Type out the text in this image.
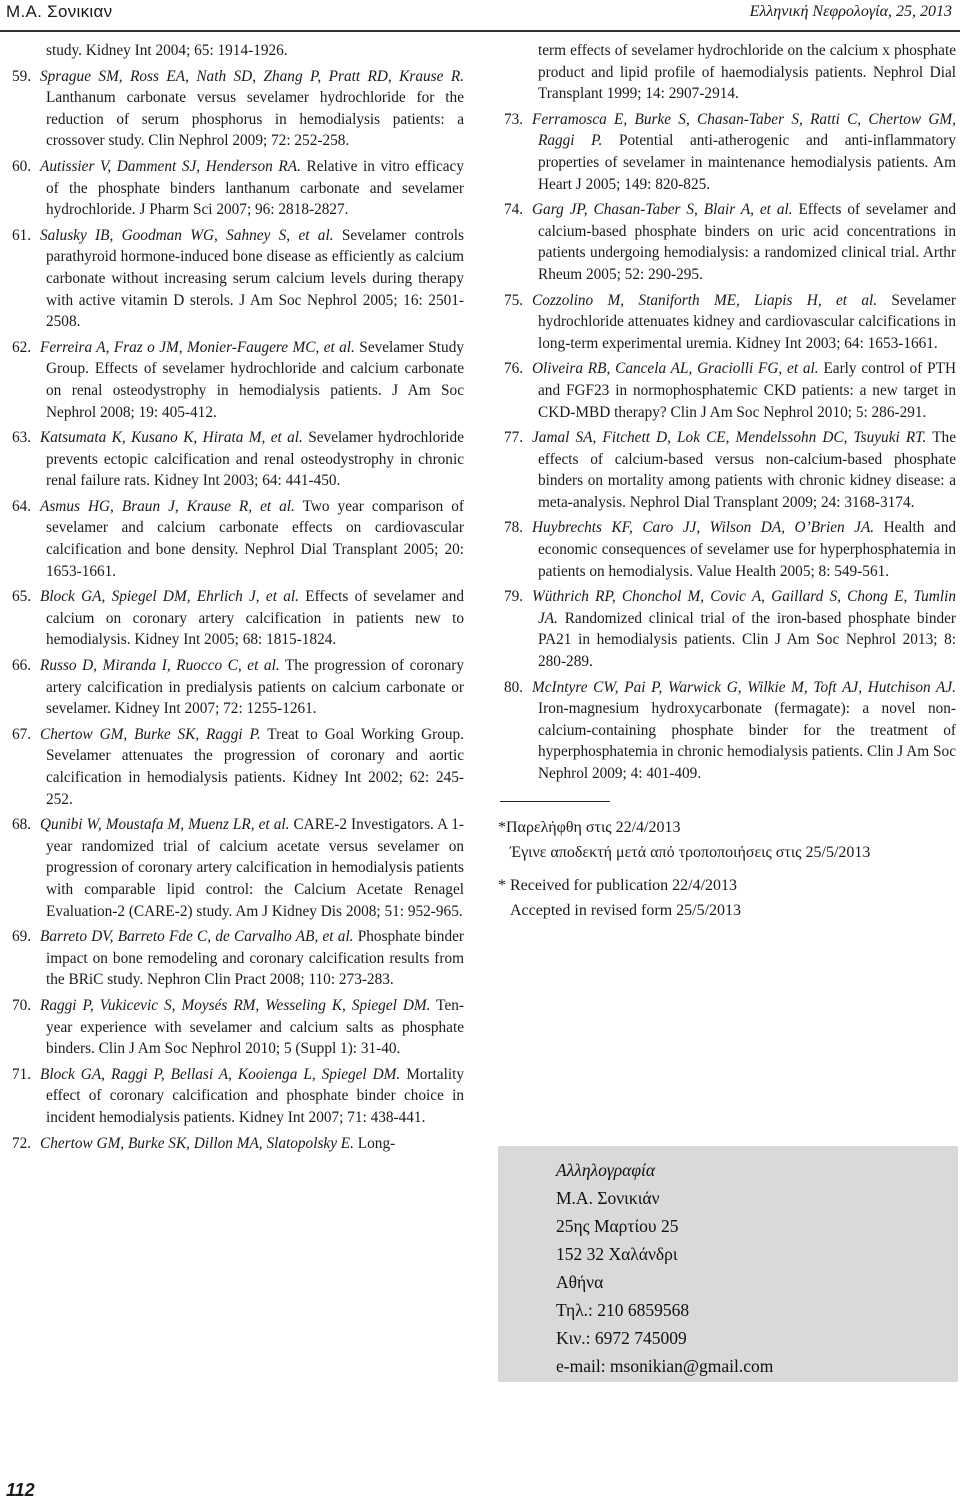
Μ.Α. Σονικιαν	Ελληνική Νεφρολογία, 25, 2013

study. Kidney Int 2004; 65: 1914-1926.

59. Sprague SM, Ross EA, Nath SD, Zhang P, Pratt RD, Krause R. Lanthanum carbonate versus sevelamer hydrochloride for the reduction of serum phosphorus in hemodialysis patients: a crossover study. Clin Nephrol 2009; 72: 252-258.

60. Autissier V, Damment SJ, Henderson RA. Relative in vitro efficacy of the phosphate binders lanthanum carbonate and sevelamer hydrochloride. J Pharm Sci 2007; 96: 2818-2827.

61. Salusky IB, Goodman WG, Sahney S, et al. Sevelamer controls parathyroid hormone-induced bone disease as efficiently as calcium carbonate without increasing serum calcium levels during therapy with active vitamin D sterols. J Am Soc Nephrol 2005; 16: 2501-2508.

62. Ferreira A, Fraz o JM, Monier-Faugere MC, et al. Sevelamer Study Group. Effects of sevelamer hydrochloride and calcium carbonate on renal osteodystrophy in hemodialysis patients. J Am Soc Nephrol 2008; 19: 405-412.

63. Katsumata K, Kusano K, Hirata M, et al. Sevelamer hydrochloride prevents ectopic calcification and renal osteodystrophy in chronic renal failure rats. Kidney Int 2003; 64: 441-450.

64. Asmus HG, Braun J, Krause R, et al. Two year comparison of sevelamer and calcium carbonate effects on cardiovascular calcification and bone density. Nephrol Dial Transplant 2005; 20: 1653-1661.

65. Block GA, Spiegel DM, Ehrlich J, et al. Effects of sevelamer and calcium on coronary artery calcification in patients new to hemodialysis. Kidney Int 2005; 68: 1815-1824.

66. Russo D, Miranda I, Ruocco C, et al. The progression of coronary artery calcification in predialysis patients on calcium carbonate or sevelamer. Kidney Int 2007; 72: 1255-1261.

67. Chertow GM, Burke SK, Raggi P. Treat to Goal Working Group. Sevelamer attenuates the progression of coronary and aortic calcification in hemodialysis patients. Kidney Int 2002; 62: 245-252.

68. Qunibi W, Moustafa M, Muenz LR, et al. CARE-2 Investigators. A 1-year randomized trial of calcium acetate versus sevelamer on progression of coronary artery calcification in hemodialysis patients with comparable lipid control: the Calcium Acetate Renagel Evaluation-2 (CARE-2) study. Am J Kidney Dis 2008; 51: 952-965.

69. Barreto DV, Barreto Fde C, de Carvalho AB, et al. Phosphate binder impact on bone remodeling and coronary calcification results from the BRiC study. Nephron Clin Pract 2008; 110: 273-283.

70. Raggi P, Vukicevic S, Moysés RM, Wesseling K, Spiegel DM. Ten-year experience with sevelamer and calcium salts as phosphate binders. Clin J Am Soc Nephrol 2010; 5 (Suppl 1): 31-40.

71. Block GA, Raggi P, Bellasi A, Kooienga L, Spiegel DM. Mortality effect of coronary calcification and phosphate binder choice in incident hemodialysis patients. Kidney Int 2007; 71: 438-441.

72. Chertow GM, Burke SK, Dillon MA, Slatopolsky E. Long-

term effects of sevelamer hydrochloride on the calcium x phosphate product and lipid profile of haemodialysis patients. Nephrol Dial Transplant 1999; 14: 2907-2914.

73. Ferramosca E, Burke S, Chasan-Taber S, Ratti C, Chertow GM, Raggi P. Potential anti-atherogenic and anti-inflammatory properties of sevelamer in maintenance hemodialysis patients. Am Heart J 2005; 149: 820-825.

74. Garg JP, Chasan-Taber S, Blair A, et al. Effects of sevelamer and calcium-based phosphate binders on uric acid concentrations in patients undergoing hemodialysis: a randomized clinical trial. Arthr Rheum 2005; 52: 290-295.

75. Cozzolino M, Staniforth ME, Liapis H, et al. Sevelamer hydrochloride attenuates kidney and cardiovascular calcifications in long-term experimental uremia. Kidney Int 2003; 64: 1653-1661.

76. Oliveira RB, Cancela AL, Graciolli FG, et al. Early control of PTH and FGF23 in normophosphatemic CKD patients: a new target in CKD-MBD therapy? Clin J Am Soc Nephrol 2010; 5: 286-291.

77. Jamal SA, Fitchett D, Lok CE, Mendelssohn DC, Tsuyuki RT. The effects of calcium-based versus non-calcium-based phosphate binders on mortality among patients with chronic kidney disease: a meta-analysis. Nephrol Dial Transplant 2009; 24: 3168-3174.

78. Huybrechts KF, Caro JJ, Wilson DA, O’Brien JA. Health and economic consequences of sevelamer use for hyperphosphatemia in patients on hemodialysis. Value Health 2005; 8: 549-561.

79. Wüthrich RP, Chonchol M, Covic A, Gaillard S, Chong E, Tumlin JA. Randomized clinical trial of the iron-based phosphate binder PA21 in hemodialysis patients. Clin J Am Soc Nephrol 2013; 8: 280-289.

80. McIntyre CW, Pai P, Warwick G, Wilkie M, Toft AJ, Hutchison AJ. Iron-magnesium hydroxycarbonate (fermagate): a novel non-calcium-containing phosphate binder for the treatment of hyperphosphatemia in chronic hemodialysis patients. Clin J Am Soc Nephrol 2009; 4: 401-409.

*Παρελήφθη στις 22/4/2013

Έγινε αποδεκτή μετά από τροποποιήσεις στις 25/5/2013

* Received for publication 22/4/2013

Accepted in revised form 25/5/2013

Αλληλογραφία
Μ.Α. Σονικιάν
25ης Μαρτίου 25
152 32 Χαλάνδρι
Αθήνα
Τηλ.: 210 6859568
Κιν.: 6972 745009
e-mail: msonikian@gmail.com
112
